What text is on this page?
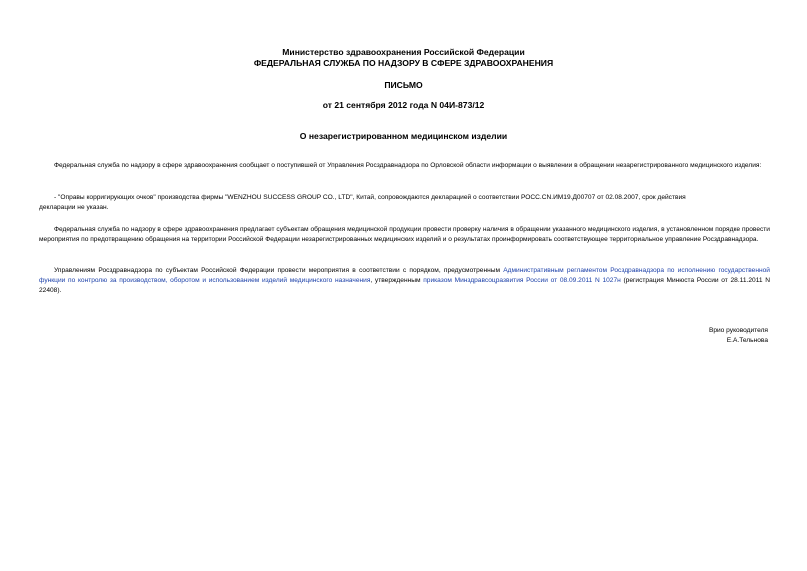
Министерство здравоохранения Российской Федерации
ФЕДЕРАЛЬНАЯ СЛУЖБА ПО НАДЗОРУ В СФЕРЕ ЗДРАВООХРАНЕНИЯ
ПИСЬМО
от 21 сентября 2012 года N 04И-873/12
О незарегистрированном медицинском изделии
Федеральная служба по надзору в сфере здравоохранения сообщает о поступившей от Управления Росздравнадзора по Орловской области информации о выявлении в обращении незарегистрированного медицинского изделия:
- "Оправы корригирующих очков" производства фирмы "WENZHOU SUCCESS GROUP CO., LTD", Китай, сопровождаются декларацией о соответствии РОСС.CN.ИМ19.Д00707 от 02.08.2007, срок действия
декларации не указан.
Федеральная служба по надзору в сфере здравоохранения предлагает субъектам обращения медицинской продукции провести проверку наличия в обращении указанного медицинского изделия, в установленном порядке провести мероприятия по предотвращению обращения на территории Российской Федерации незарегистрированных медицинских изделий и о результатах проинформировать соответствующее территориальное управление Росздравнадзора.
Управлениям Росздравнадзора по субъектам Российской Федерации провести мероприятия в соответствии с порядком, предусмотренным Административным регламентом Росздравнадзора по исполнению государственной функции по контролю за производством, оборотом и использованием изделий медицинского назначения, утвержденным приказом Минздравсоцразвития России от 08.09.2011 N 1027н (регистрация Минюста России от 28.11.2011 N 22408).
Врио руководителя
Е.А.Тельнова
